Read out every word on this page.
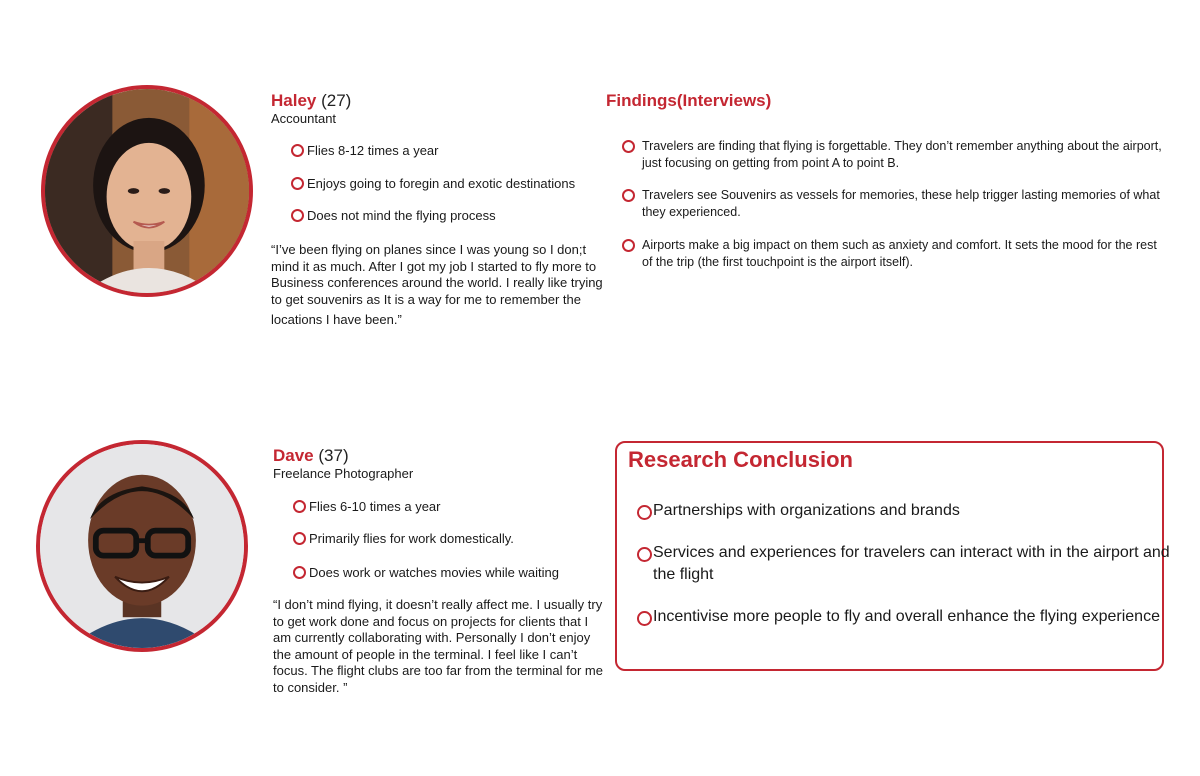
Haley (27)
Accountant
Flies 8-12 times a year
Enjoys going to foregin and exotic destinations
Does not mind the flying process
“I’ve been flying on planes since I was young so I don;t
mind it as much. After I got my job I started to fly more to
Business conferences around the world. I really like trying
to get souvenirs as It is a way for me to remember the
locations I have been.”
Findings(Interviews)
Travelers are finding that flying is forgettable. They don’t remember anything about the airport, just focusing on getting from point A to point B.
Travelers see Souvenirs as vessels for memories, these help trigger lasting memories of what they experienced.
Airports make a big impact on them such as anxiety and comfort. It sets the mood for the rest of the trip (the first touchpoint is the airport itself).
Dave (37)
Freelance Photographer
Flies 6-10 times a year
Primarily flies for work domestically.
Does work or watches movies while waiting
“I don’t mind flying, it doesn’t really affect me. I usually try
to get work done and focus on projects for clients that I
am currently collaborating with. Personally I don’t enjoy
the amount of people in the terminal. I feel like I can’t
focus. The flight clubs are too far from the terminal for me
to consider. ”
Research Conclusion
Partnerships with organizations and brands
Services and experiences for travelers can interact with in the airport and the flight
Incentivise more people to fly and overall enhance the flying experience
